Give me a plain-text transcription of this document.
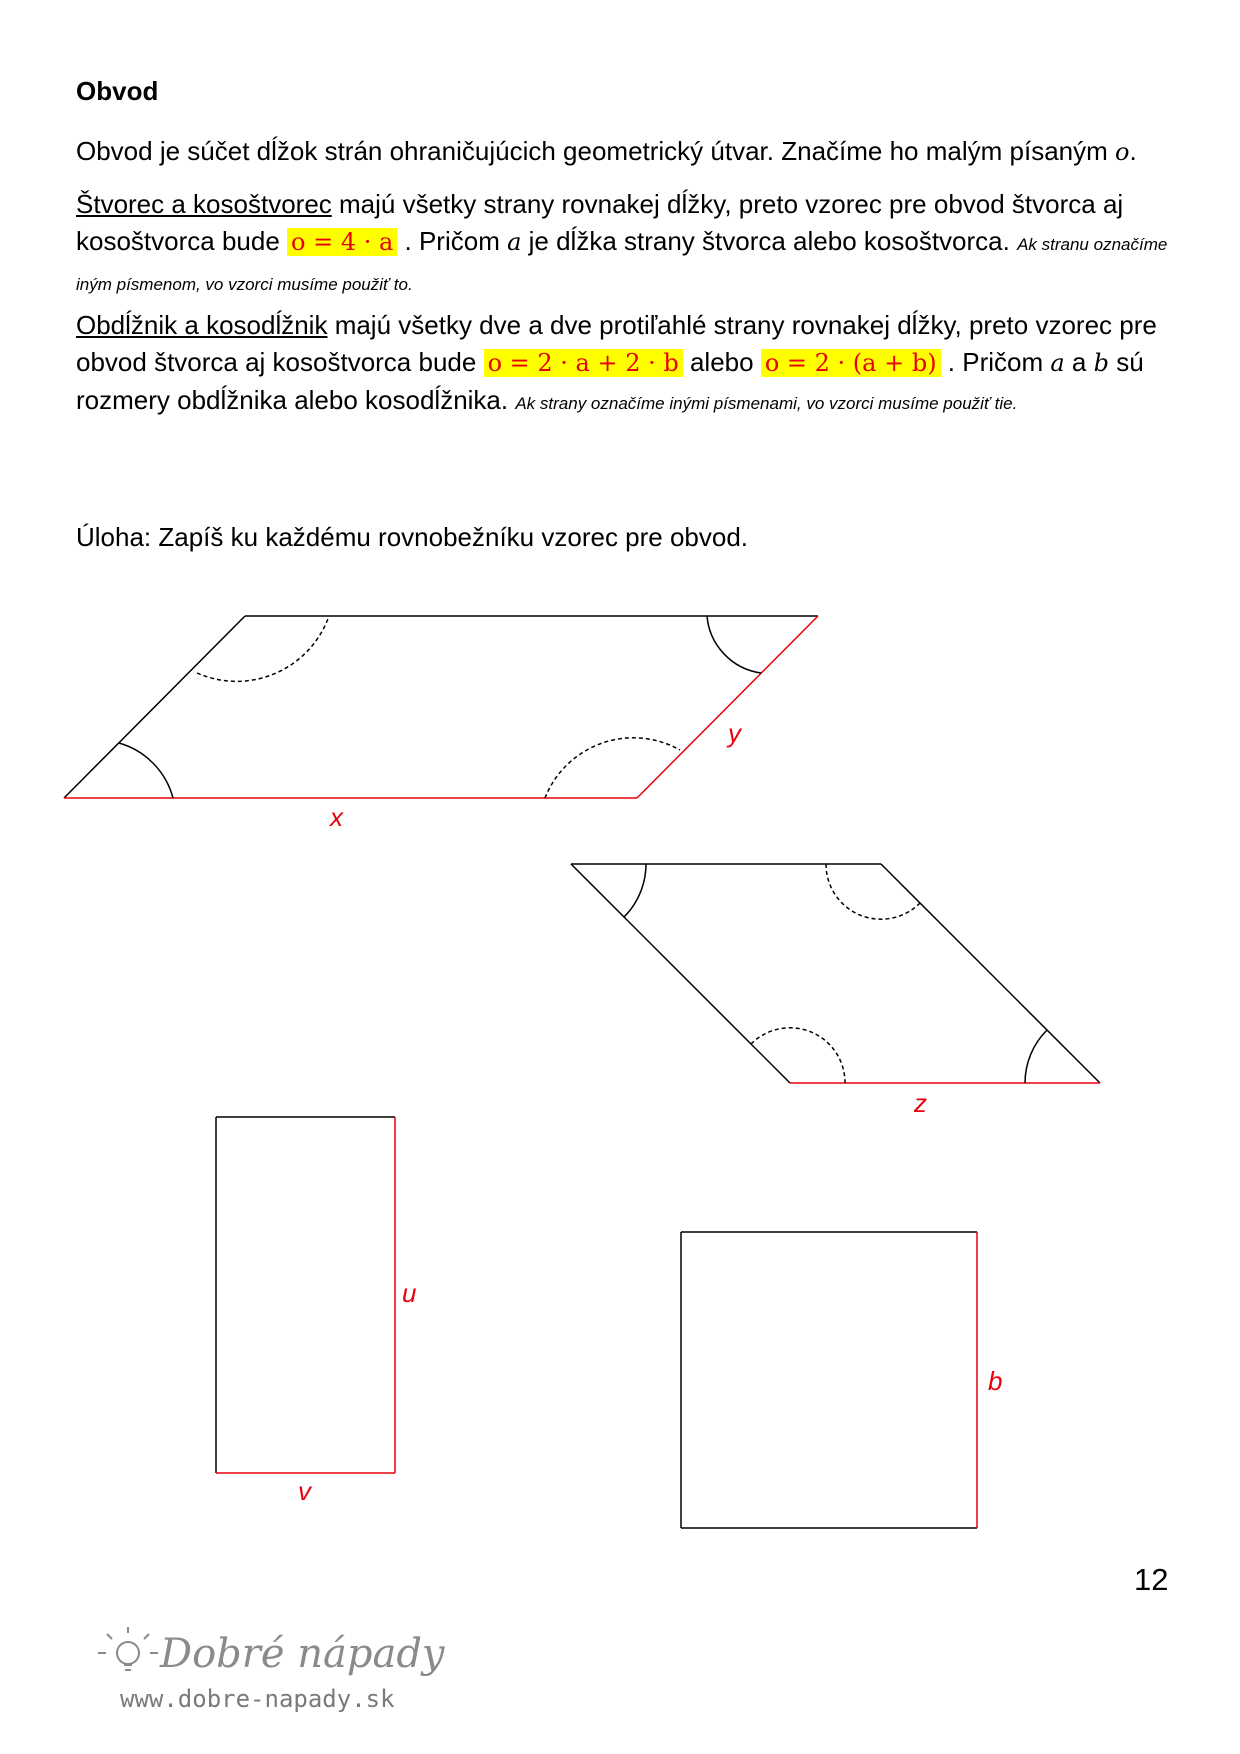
Obvod
Obvod je súčet dĺžok strán ohraničujúcich geometrický útvar. Značíme ho malým písaným o.
Štvorec a kosoštvorec majú všetky strany rovnakej dĺžky, preto vzorec pre obvod štvorca aj kosoštvorca bude o = 4 · a . Pričom a je dĺžka strany štvorca alebo kosoštvorca. Ak stranu označíme iným písmenom, vo vzorci musíme použiť to.
Obdĺžnik a kosodĺžnik majú všetky dve a dve protiľahlé strany rovnakej dĺžky, preto vzorec pre obvod štvorca aj kosoštvorca bude o = 2 · a + 2 · b alebo o = 2 · (a + b) . Pričom a a b sú rozmery obdĺžnika alebo kosodĺžnika. Ak strany označíme inými písmenami, vo vzorci musíme použiť tie.
Úloha: Zapíš ku každému rovnobežníku vzorec pre obvod.
x
y
z
u
v
b
12
Dobré nápady
www.dobre-napady.sk
